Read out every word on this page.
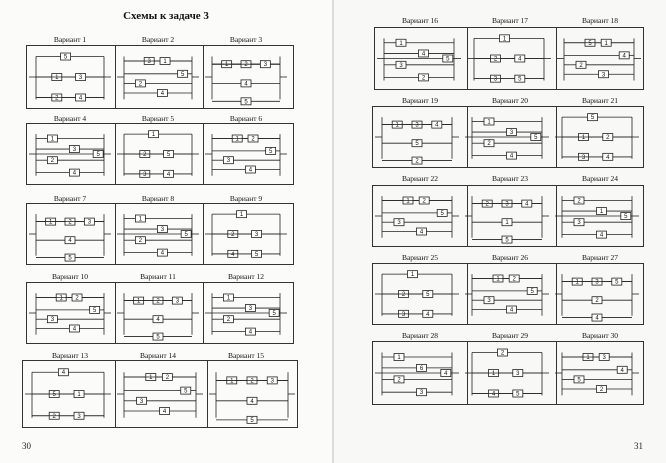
Схемы к задаче 3
30	31
Вариант 1	Вариант 2	Вариант 3
Вариант 4	Вариант 5	Вариант 6
Вариант 7	Вариант 8	Вариант 9
Вариант 10	Вариант 11	Вариант 12
Вариант 13	Вариант 14	Вариант 15
Вариант 16	Вариант 17	Вариант 18
Вариант 19	Вариант 20	Вариант 21
Вариант 22	Вариант 23	Вариант 24
Вариант 25	Вариант 26	Вариант 27
Вариант 28	Вариант 29	Вариант 30
5
1	3
2	4
3 1
2
4
5
1	2	3
4
5
1
2
3
4
5
1
2	5
3	4
1 2
3
4
5
1	2	3
4
5
1
2
3
4
5
1
2	3
4	5
1 2
3
4
5
1	2	3
4
5
1
2
3
4
5
4
5	1
2	3
1 2
3
4
5
1	2	3
4
5
1
3
4
2
5
1
2	4
3	5
5 1
2
3
4
1	3	4
5
2
1
2
3
4
5
5
1	2
3	4
1 2
3
4
5
2	3	4
1
5
2
3
1
4
5
1
2	5
3	4
1 2
3
4
5
1	3	5
2
4
1
2
6
3
4
2
1	3
4	5
1 3
5
2
4
